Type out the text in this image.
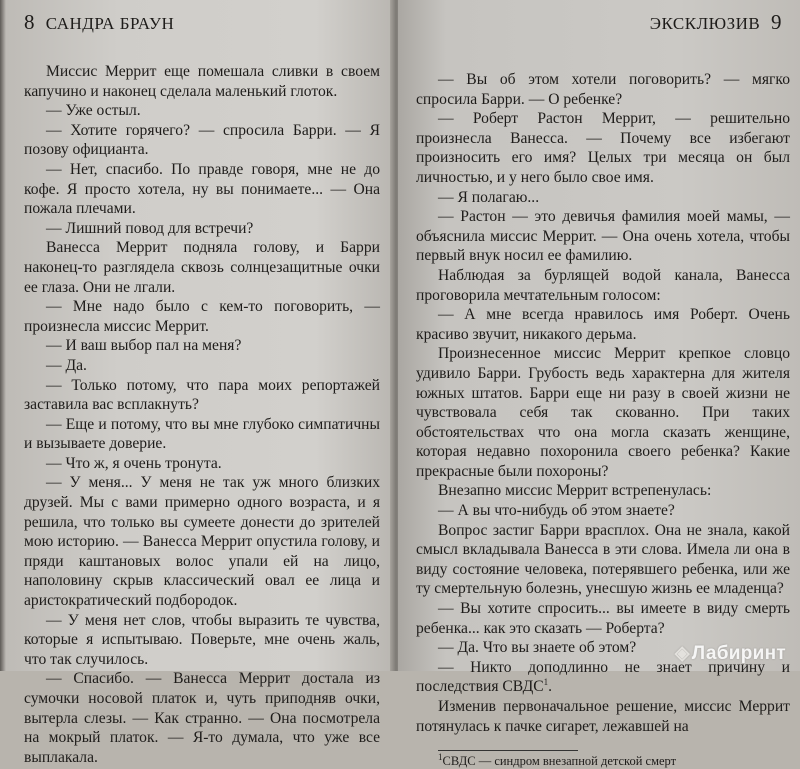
8 САНДРА БРАУН

Миссис Меррит еще помешала сливки в своем капучино и наконец сделала маленький глоток.

— Уже остыл.

— Хотите горячего? — спросила Барри. — Я позову официанта.

— Нет, спасибо. По правде говоря, мне не до кофе. Я просто хотела, ну вы понимаете... — Она пожала плечами.

— Лишний повод для встречи?

Ванесса Меррит подняла голову, и Барри наконец-то разглядела сквозь солнцезащитные очки ее глаза. Они не лгали.

— Мне надо было с кем-то поговорить, — произнесла миссис Меррит.

— И ваш выбор пал на меня?

— Да.

— Только потому, что пара моих репортажей заставила вас всплакнуть?

— Еще и потому, что вы мне глубоко симпатичны и вызываете доверие.

— Что ж, я очень тронута.

— У меня... У меня не так уж много близких друзей. Мы с вами примерно одного возраста, и я решила, что только вы сумеете донести до зрителей мою историю. — Ванесса Меррит опустила голову, и пряди каштановых волос упали ей на лицо, наполовину скрыв классический овал ее лица и аристократический подбородок.

— У меня нет слов, чтобы выразить те чувства, которые я испытываю. Поверьте, мне очень жаль, что так случилось.

— Спасибо. — Ванесса Меррит достала из сумочки носовой платок и, чуть приподняв очки, вытерла слезы. — Как странно. — Она посмотрела на мокрый платок. — Я-то думала, что уже все выплакала.

ЭКСКЛЮЗИВ 9

— Вы об этом хотели поговорить? — мягко спросила Барри. — О ребенке?

— Роберт Растон Меррит, — решительно произнесла Ванесса. — Почему все избегают произносить его имя? Целых три месяца он был личностью, и у него было свое имя.

— Я полагаю...

— Растон — это девичья фамилия моей мамы, — объяснила миссис Меррит. — Она очень хотела, чтобы первый внук носил ее фамилию.

Наблюдая за бурлящей водой канала, Ванесса проговорила мечтательным голосом:

— А мне всегда нравилось имя Роберт. Очень красиво звучит, никакого дерьма.

Произнесенное миссис Меррит крепкое словцо удивило Барри. Грубость ведь характерна для жителя южных штатов. Барри еще ни разу в своей жизни не чувствовала себя так скованно. При таких обстоятельствах что она могла сказать женщине, которая недавно похоронила своего ребенка? Какие прекрасные были похороны?

Внезапно миссис Меррит встрепенулась:

— А вы что-нибудь об этом знаете?

Вопрос застиг Барри врасплох. Она не знала, какой смысл вкладывала Ванесса в эти слова. Имела ли она в виду состояние человека, потерявшего ребенка, или же ту смертельную болезнь, унесшую жизнь ее младенца?

— Вы хотите спросить... вы имеете в виду смерть ребенка... как это сказать — Роберта?

— Да. Что вы знаете об этом?

— Никто доподлинно не знает причину и последствия СВДС$^1$.

Изменив первоначальное решение, миссис Меррит потянулась к пачке сигарет, лежавшей на

$^1$СВДС — синдром внезапной детской смерт
◈ Лабиринт
